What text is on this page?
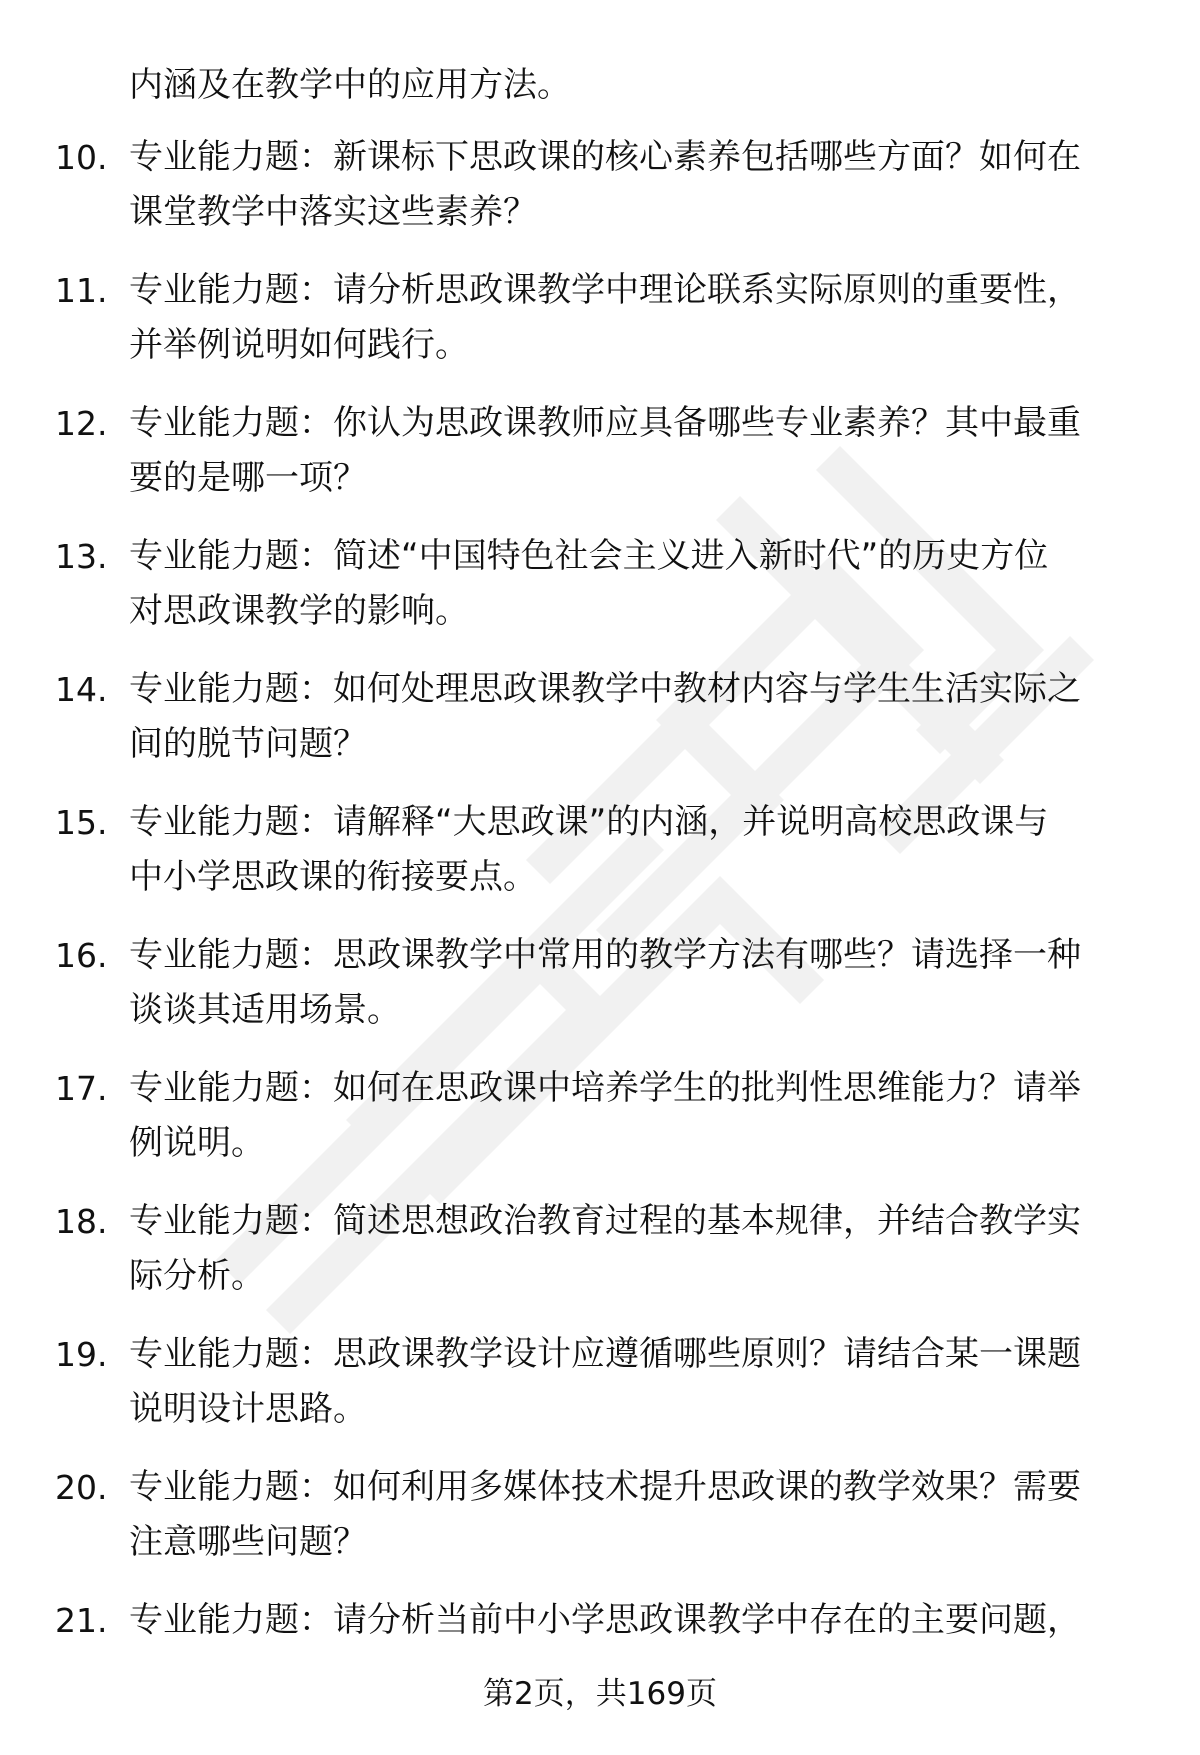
内涵及在教学中的应用方法。
10. 专业能力题：新课标下思政课的核心素养包括哪些方面？如何在
课堂教学中落实这些素养？
11. 专业能力题：请分析思政课教学中理论联系实际原则的重要性，
并举例说明如何践行。
12. 专业能力题：你认为思政课教师应具备哪些专业素养？其中最重
要的是哪一项？
13. 专业能力题：简述“中国特色社会主义进入新时代”的历史方位
对思政课教学的影响。
14. 专业能力题：如何处理思政课教学中教材内容与学生生活实际之
间的脱节问题？
15. 专业能力题：请解释“大思政课”的内涵，并说明高校思政课与
中小学思政课的衔接要点。
16. 专业能力题：思政课教学中常用的教学方法有哪些？请选择一种
谈谈其适用场景。
17. 专业能力题：如何在思政课中培养学生的批判性思维能力？请举
例说明。
18. 专业能力题：简述思想政治教育过程的基本规律，并结合教学实
际分析。
19. 专业能力题：思政课教学设计应遵循哪些原则？请结合某一课题
说明设计思路。
20. 专业能力题：如何利用多媒体技术提升思政课的教学效果？需要
注意哪些问题？
21. 专业能力题：请分析当前中小学思政课教学中存在的主要问题，
第2页，共169页
